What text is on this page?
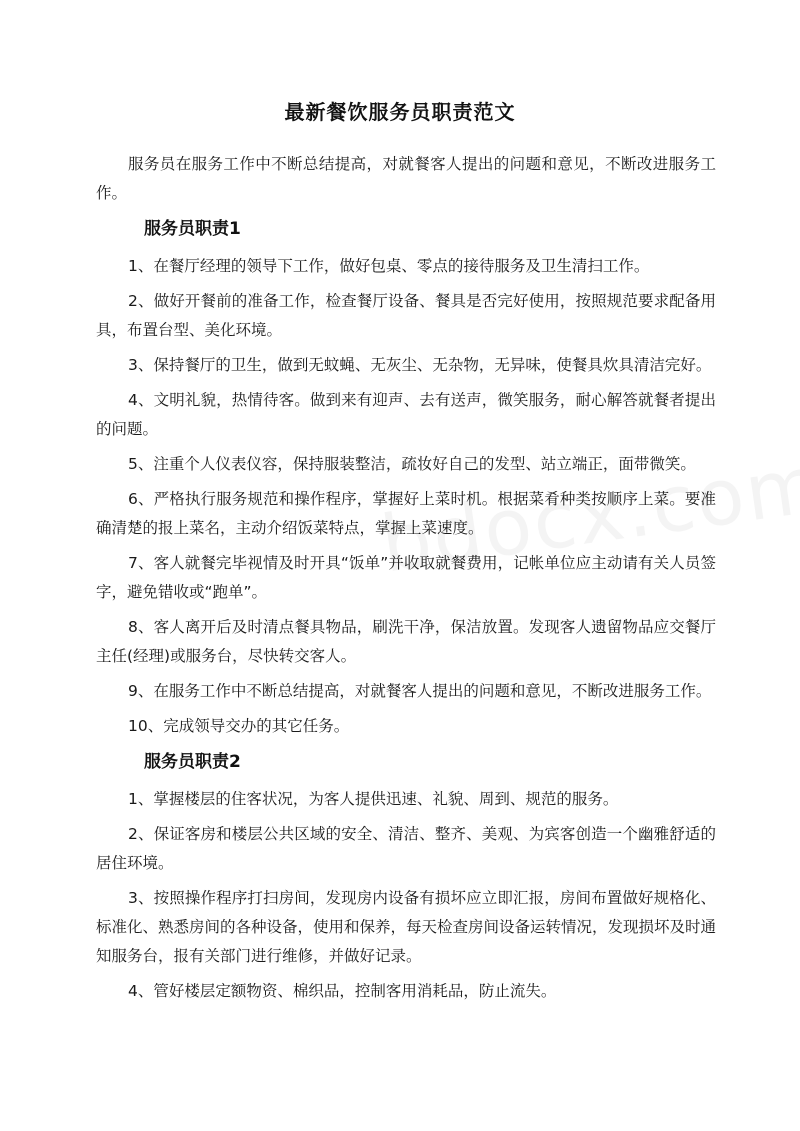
最新餐饮服务员职责范文

服务员在服务工作中不断总结提高，对就餐客人提出的问题和意见，不断改进服务工作。

服务员职责1

1、在餐厅经理的领导下工作，做好包桌、零点的接待服务及卫生清扫工作。

2、做好开餐前的准备工作，检查餐厅设备、餐具是否完好使用，按照规范要求配备用具，布置台型、美化环境。

3、保持餐厅的卫生，做到无蚊蝇、无灰尘、无杂物，无异味，使餐具炊具清洁完好。

4、文明礼貌，热情待客。做到来有迎声、去有送声，微笑服务，耐心解答就餐者提出的问题。

5、注重个人仪表仪容，保持服装整洁，疏妆好自己的发型、站立端正，面带微笑。

6、严格执行服务规范和操作程序，掌握好上菜时机。根据菜肴种类按顺序上菜。要准确清楚的报上菜名，主动介绍饭菜特点，掌握上菜速度。

7、客人就餐完毕视情及时开具“饭单”并收取就餐费用，记帐单位应主动请有关人员签字，避免错收或“跑单”。

8、客人离开后及时清点餐具物品，刷洗干净，保洁放置。发现客人遗留物品应交餐厅主任(经理)或服务台，尽快转交客人。

9、在服务工作中不断总结提高，对就餐客人提出的问题和意见，不断改进服务工作。

10、完成领导交办的其它任务。

服务员职责2

1、掌握楼层的住客状况，为客人提供迅速、礼貌、周到、规范的服务。

2、保证客房和楼层公共区域的安全、清洁、整齐、美观、为宾客创造一个幽雅舒适的居住环境。

3、按照操作程序打扫房间，发现房内设备有损坏应立即汇报，房间布置做好规格化、标准化、熟悉房间的各种设备，使用和保养，每天检查房间设备运转情况，发现损坏及时通知服务台，报有关部门进行维修，并做好记录。

4、管好楼层定额物资、棉织品，控制客用消耗品，防止流失。
